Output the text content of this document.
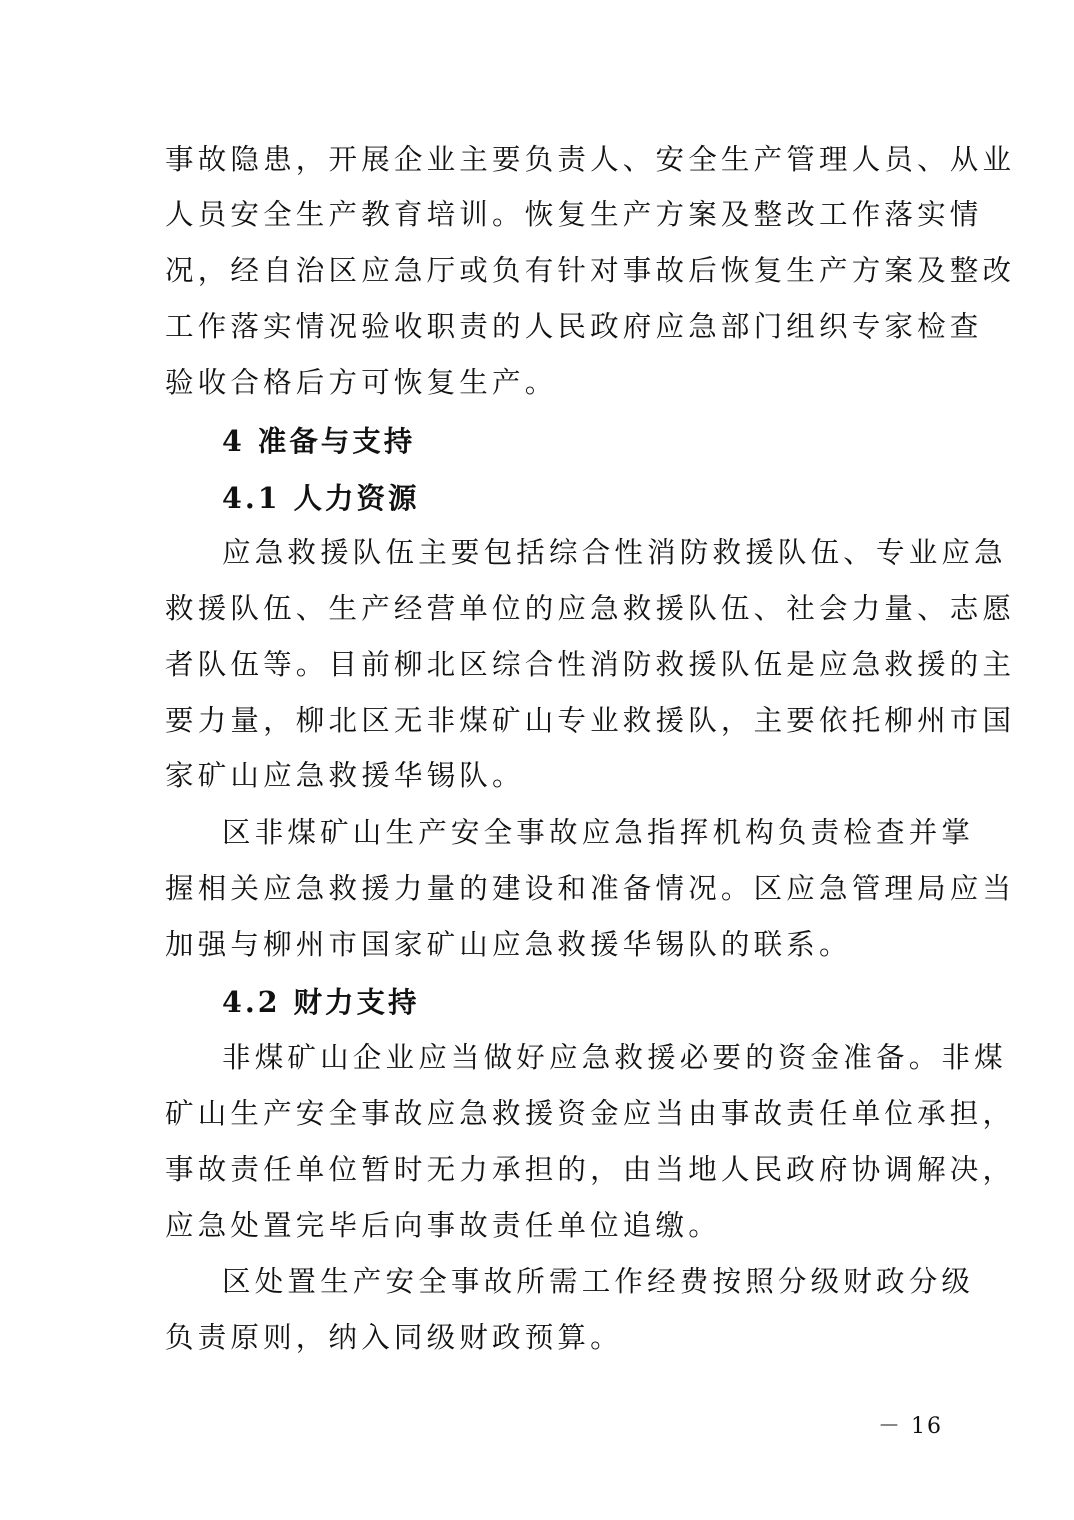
事故隐患，开展企业主要负责人、安全生产管理人员、从业
人员安全生产教育培训。恢复生产方案及整改工作落实情
况，经自治区应急厅或负有针对事故后恢复生产方案及整改
工作落实情况验收职责的人民政府应急部门组织专家检查
验收合格后方可恢复生产。
4 准备与支持
4.1 人力资源
应急救援队伍主要包括综合性消防救援队伍、专业应急
救援队伍、生产经营单位的应急救援队伍、社会力量、志愿
者队伍等。目前柳北区综合性消防救援队伍是应急救援的主
要力量，柳北区无非煤矿山专业救援队，主要依托柳州市国
家矿山应急救援华锡队。
区非煤矿山生产安全事故应急指挥机构负责检查并掌
握相关应急救援力量的建设和准备情况。区应急管理局应当
加强与柳州市国家矿山应急救援华锡队的联系。
4.2 财力支持
非煤矿山企业应当做好应急救援必要的资金准备。非煤
矿山生产安全事故应急救援资金应当由事故责任单位承担，
事故责任单位暂时无力承担的，由当地人民政府协调解决，
应急处置完毕后向事故责任单位追缴。
区处置生产安全事故所需工作经费按照分级财政分级
负责原则，纳入同级财政预算。
－ 16
